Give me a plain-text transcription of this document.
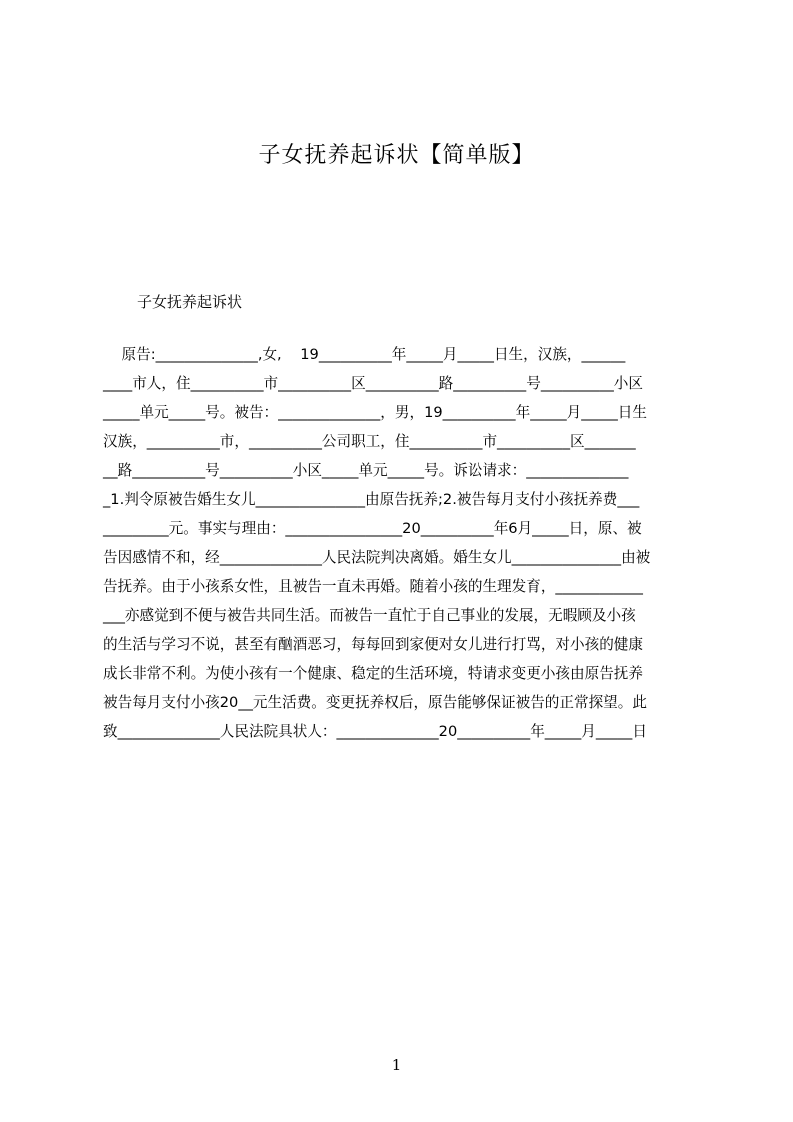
子女抚养起诉状【简单版】
子女抚养起诉状
原告:______________,女,    19__________年_____月_____日生，汉族，______
____市人，住__________市__________区__________路__________号__________小区
_____单元_____号。被告：______________，男，19__________年_____月_____日生
汉族，__________市，__________公司职工，住__________市__________区_______
__路__________号__________小区_____单元_____号。诉讼请求：______________
_1.判令原被告婚生女儿_______________由原告抚养;2.被告每月支付小孩抚养费___
_________元。事实与理由：________________20__________年6月_____日，原、被
告因感情不和，经______________人民法院判决离婚。婚生女儿_______________由被
告抚养。由于小孩系女性，且被告一直未再婚。随着小孩的生理发育，____________
___亦感觉到不便与被告共同生活。而被告一直忙于自己事业的发展，无暇顾及小孩
的生活与学习不说，甚至有酗酒恶习，每每回到家便对女儿进行打骂，对小孩的健康
成长非常不利。为使小孩有一个健康、稳定的生活环境，特请求变更小孩由原告抚养
被告每月支付小孩20__元生活费。变更抚养权后，原告能够保证被告的正常探望。此
致______________人民法院具状人：______________20__________年_____月_____日
1
